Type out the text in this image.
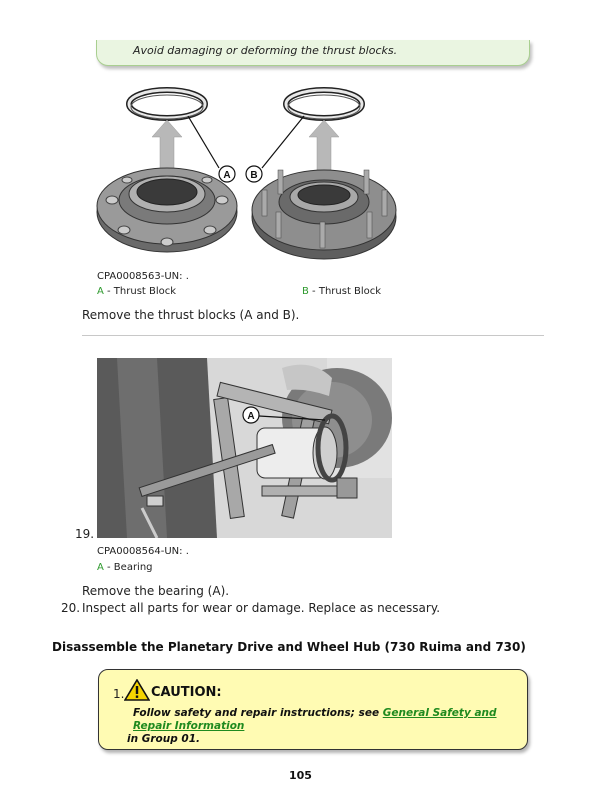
Avoid damaging or deforming the thrust blocks.
A B
CPA0008563-UN: .
A - Thrust Block	B - Thrust Block
Remove the thrust blocks (A and B).
A
19.
CPA0008564-UN: .
A - Bearing
Remove the bearing (A).
20. Inspect all parts for wear or damage. Replace as necessary.
Disassemble the Planetary Drive and Wheel Hub (730 Ruima and 730)
1. CAUTION:
Follow safety and repair instructions; see General Safety and Repair Information
in Group 01.
105
